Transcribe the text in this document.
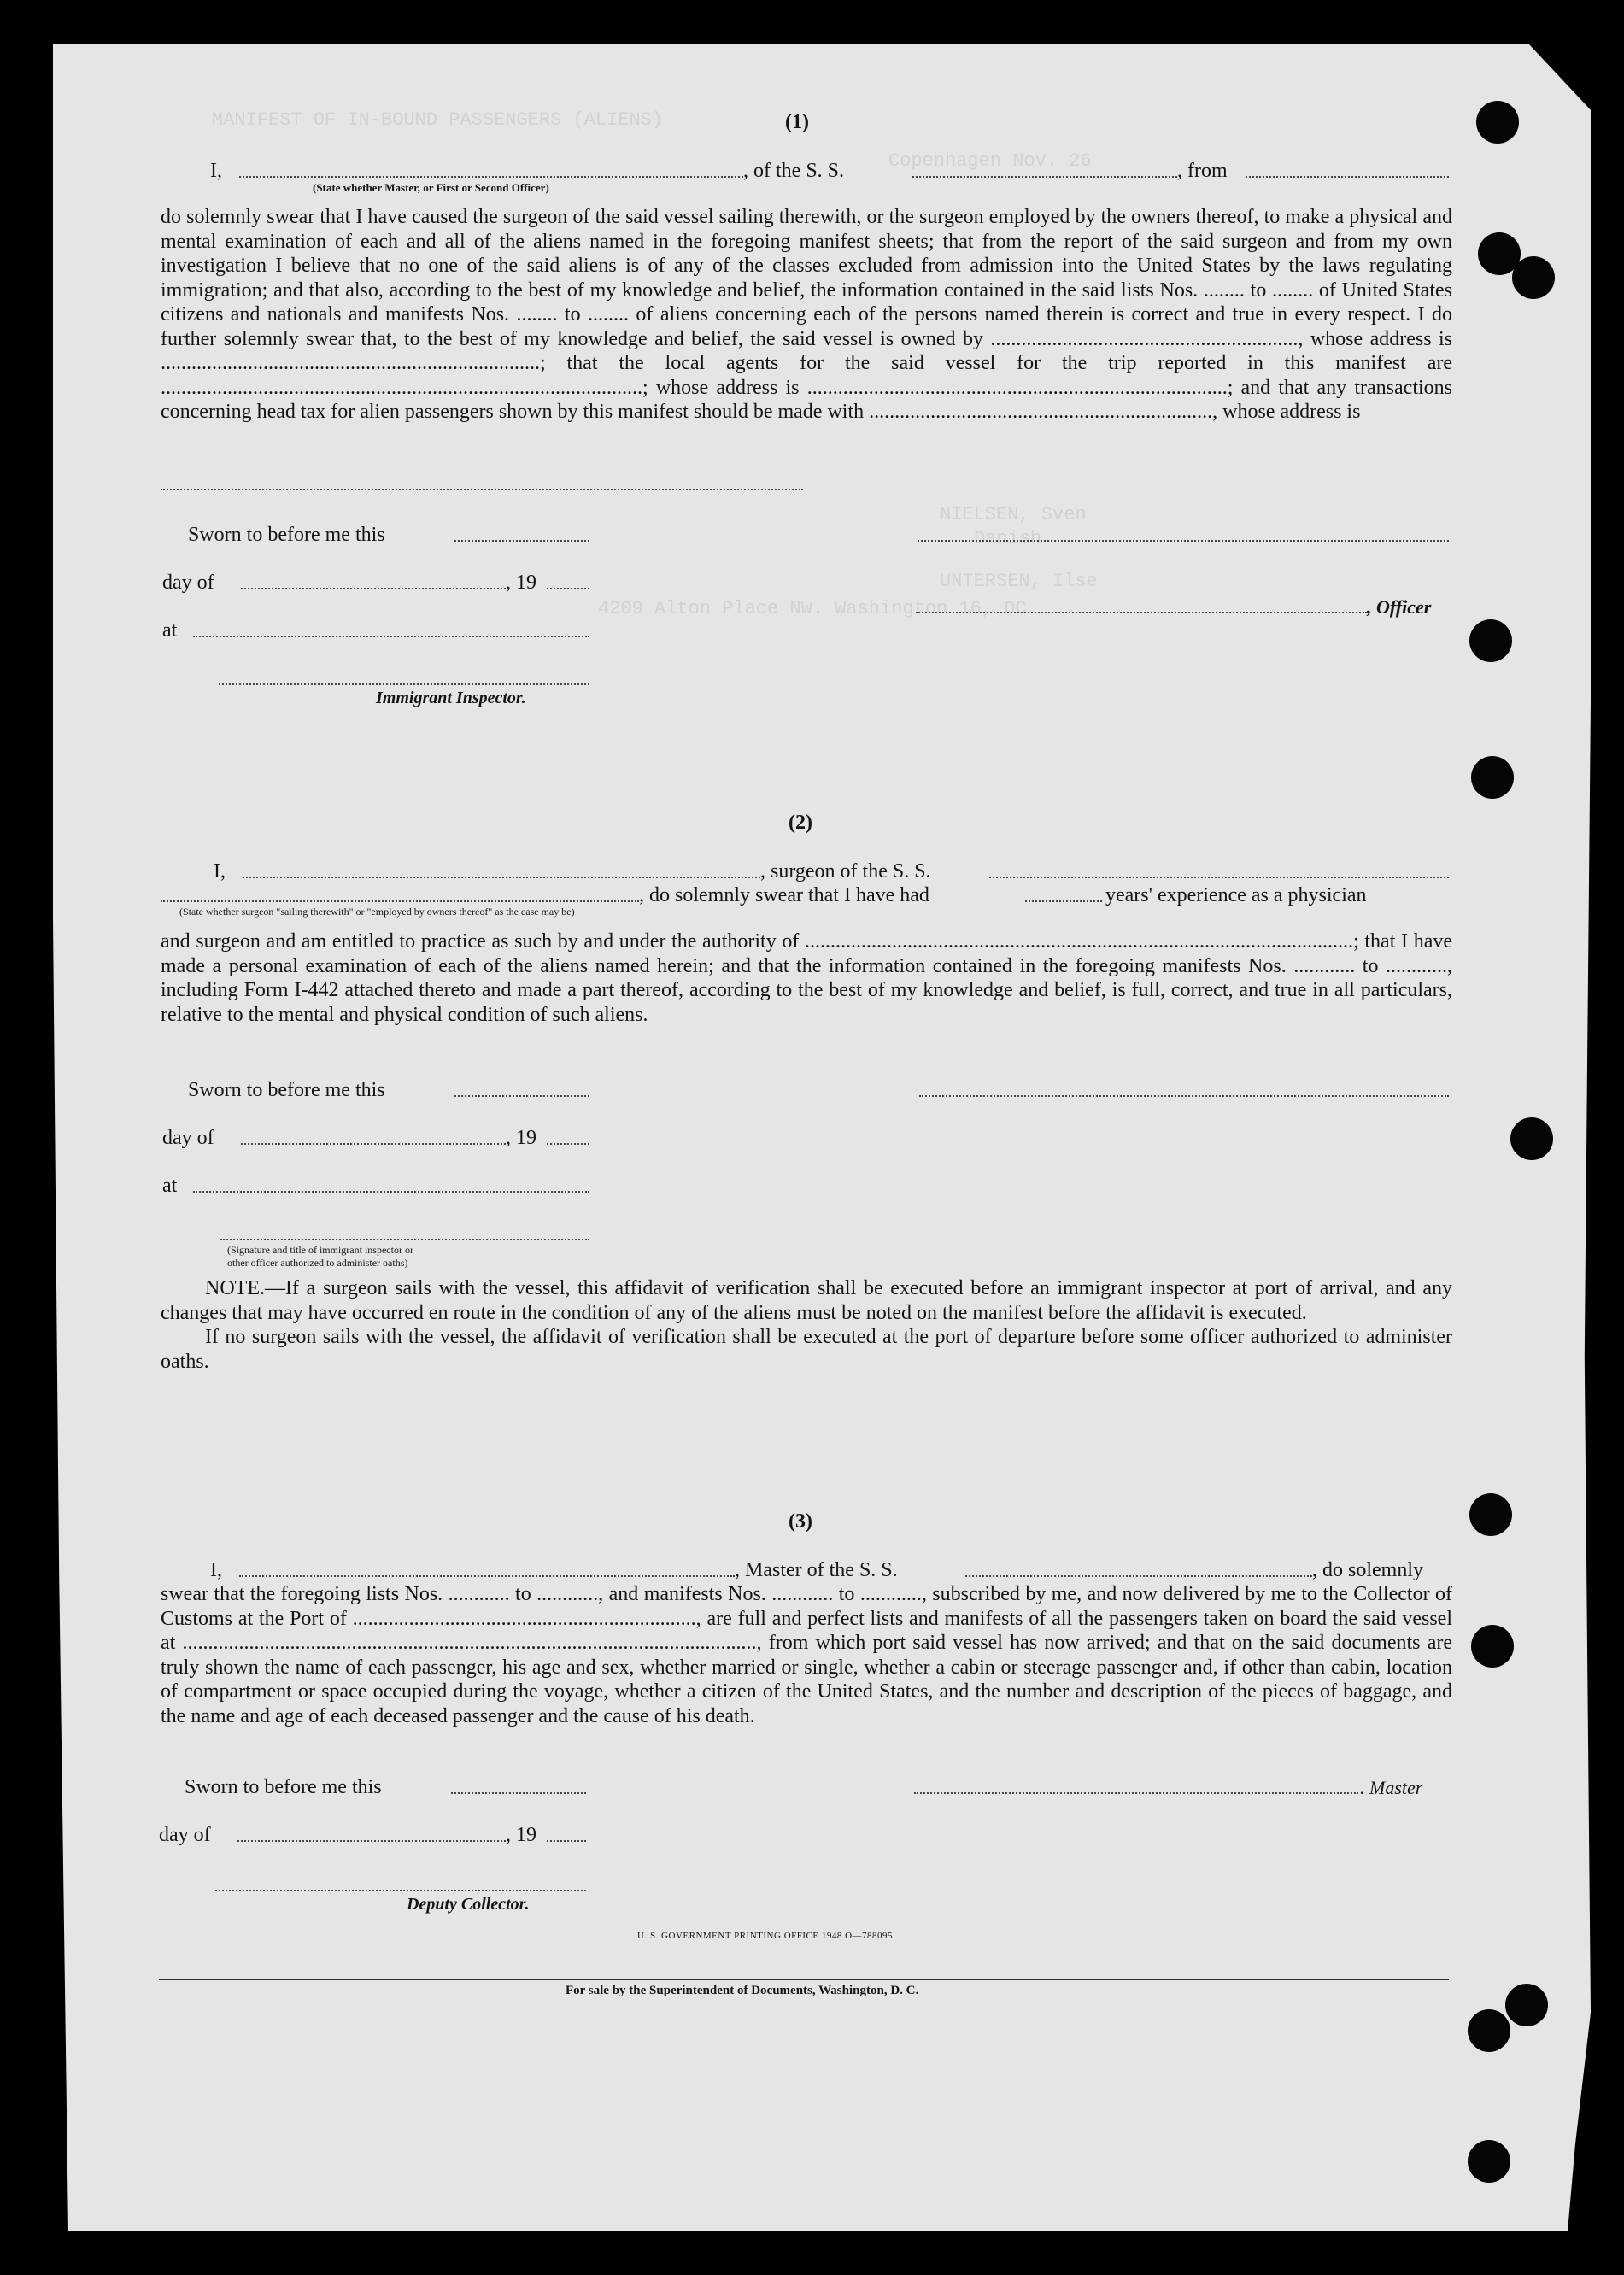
MANIFEST OF IN-BOUND PASSENGERS (ALIENS)
Copenhagen Nov. 26
NIELSEN, Sven
Danish
UNTERSEN, Ilse
4209 Alton Place NW. Washington 16, DC
(1)
I,	, of the S. S.	, from
(State whether Master, or First or Second Officer)

do solemnly swear that I have caused the surgeon of the said vessel sailing therewith, or the surgeon employed by the owners thereof, to make a physical and mental examination of each and all of the aliens named in the foregoing manifest sheets; that from the report of the said surgeon and from my own investigation I believe that no one of the said aliens is of any of the classes excluded from admission into the United States by the laws regulating immigration; and that also, according to the best of my knowledge and belief, the information contained in the said lists Nos. ........ to ........ of United States citizens and nationals and manifests Nos. ........ to ........ of aliens concerning each of the persons named therein is correct and true in every respect. I do further solemnly swear that, to the best of my knowledge and belief, the said vessel is owned by ............................................................, whose address is ..........................................................................; that the local agents for the said vessel for the trip reported in this manifest are ..............................................................................................; whose address is ..................................................................................; and that any transactions concerning head tax for alien passengers shown by this manifest should be made with ..................................................................., whose address is

Sworn to before me this
day of	, 19
, Officer
at
Immigrant Inspector.
(2)
I,	, surgeon of the S. S.
, do solemnly swear that I have had	years' experience as a physician
(State whether surgeon "sailing therewith" or "employed by owners thereof" as the case may be)

and surgeon and am entitled to practice as such by and under the authority of ...........................................................................................................; that I have made a personal examination of each of the aliens named herein; and that the information contained in the foregoing manifests Nos. ............ to ............, including Form I-442 attached thereto and made a part thereof, according to the best of my knowledge and belief, is full, correct, and true in all particulars, relative to the mental and physical condition of such aliens.

Sworn to before me this
day of	, 19
at
(Signature and title of immigrant inspector or
other officer authorized to administer oaths)

NOTE.—If a surgeon sails with the vessel, this affidavit of verification shall be executed before an immigrant inspector at port of arrival, and any changes that may have occurred en route in the condition of any of the aliens must be noted on the manifest before the affidavit is executed.

If no surgeon sails with the vessel, the affidavit of verification shall be executed at the port of departure before some officer authorized to administer oaths.

(3)
I,	, Master of the S. S.	, do solemnly

swear that the foregoing lists Nos. ............ to ............, and manifests Nos. ............ to ............, subscribed by me, and now delivered by me to the Collector of Customs at the Port of ..................................................................., are full and perfect lists and manifests of all the passengers taken on board the said vessel at ................................................................................................................, from which port said vessel has now arrived; and that on the said documents are truly shown the name of each passenger, his age and sex, whether married or single, whether a cabin or steerage passenger and, if other than cabin, location of compartment or space occupied during the voyage, whether a citizen of the United States, and the number and description of the pieces of baggage, and the name and age of each deceased passenger and the cause of his death.

Sworn to before me this	. Master
day of	, 19
Deputy Collector.
U. S. GOVERNMENT PRINTING OFFICE 1948 O—788095
For sale by the Superintendent of Documents, Washington, D. C.
